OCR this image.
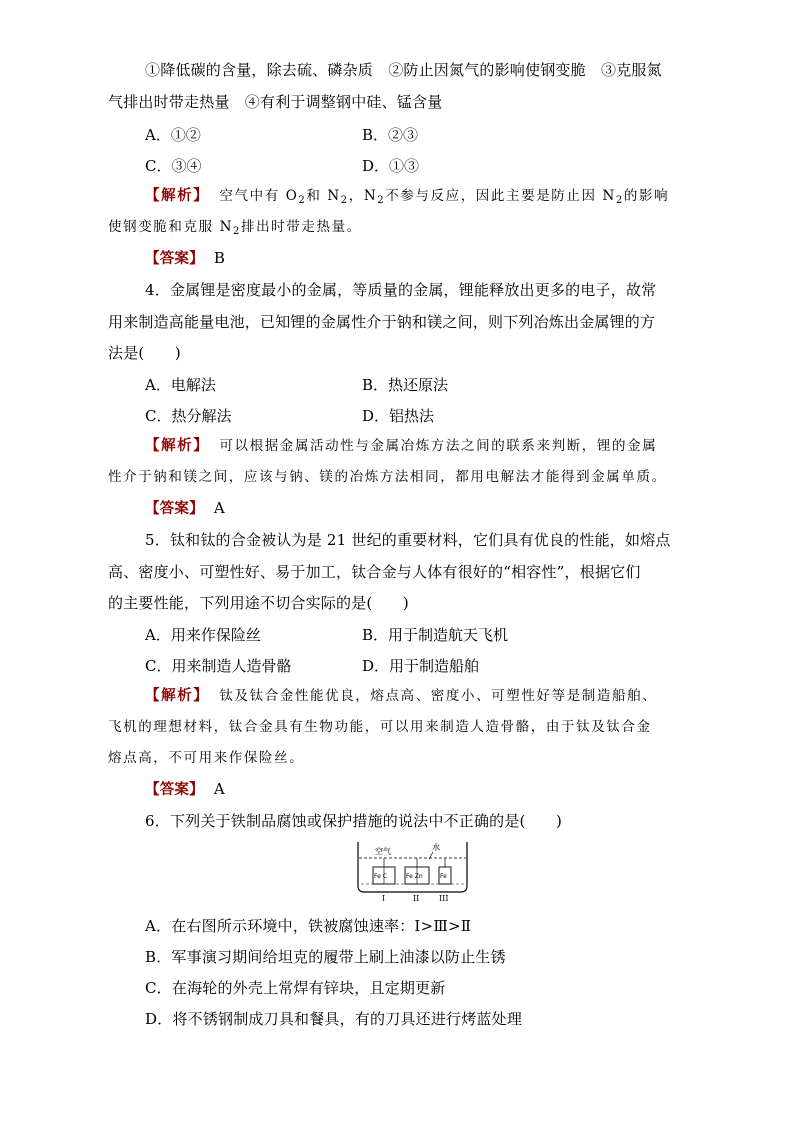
①降低碳的含量，除去硫、磷杂质　②防止因氮气的影响使钢变脆　③克服氮
气排出时带走热量　④有利于调整钢中硅、锰含量
A．①②	B．②③
C．③④	D．①③
【解析】 空气中有 $O_2$和 $N_2$，$N_2$不参与反应，因此主要是防止因 $N_2$的影响
使钢变脆和克服 $N_2$排出时带走热量。
【答案】 B
4．金属锂是密度最小的金属，等质量的金属，锂能释放出更多的电子，故常
用来制造高能量电池，已知锂的金属性介于钠和镁之间，则下列冶炼出金属锂的方
法是(　　)
A．电解法	B．热还原法
C．热分解法	D．铝热法
【解析】 可以根据金属活动性与金属冶炼方法之间的联系来判断，锂的金属
性介于钠和镁之间，应该与钠、镁的冶炼方法相同，都用电解法才能得到金属单质。
【答案】 A
5．钛和钛的合金被认为是 21 世纪的重要材料，它们具有优良的性能，如熔点
高、密度小、可塑性好、易于加工，钛合金与人体有很好的“相容性”，根据它们
的主要性能，下列用途不切合实际的是(　　)
A．用来作保险丝	B．用于制造航天飞机
C．用来制造人造骨骼	D．用于制造船舶
【解析】 钛及钛合金性能优良，熔点高、密度小、可塑性好等是制造船舶、
飞机的理想材料，钛合金具有生物功能，可以用来制造人造骨骼，由于钛及钛合金
熔点高，不可用来作保险丝。
【答案】 A
6．下列关于铁制品腐蚀或保护措施的说法中不正确的是(　　)
空气	水
Fe C	Fe Zn	Fe
I	II III
A．在右图所示环境中，铁被腐蚀速率：Ⅰ>Ⅲ>Ⅱ
B．军事演习期间给坦克的履带上刷上油漆以防止生锈
C．在海轮的外壳上常焊有锌块，且定期更新
D．将不锈钢制成刀具和餐具，有的刀具还进行烤蓝处理
